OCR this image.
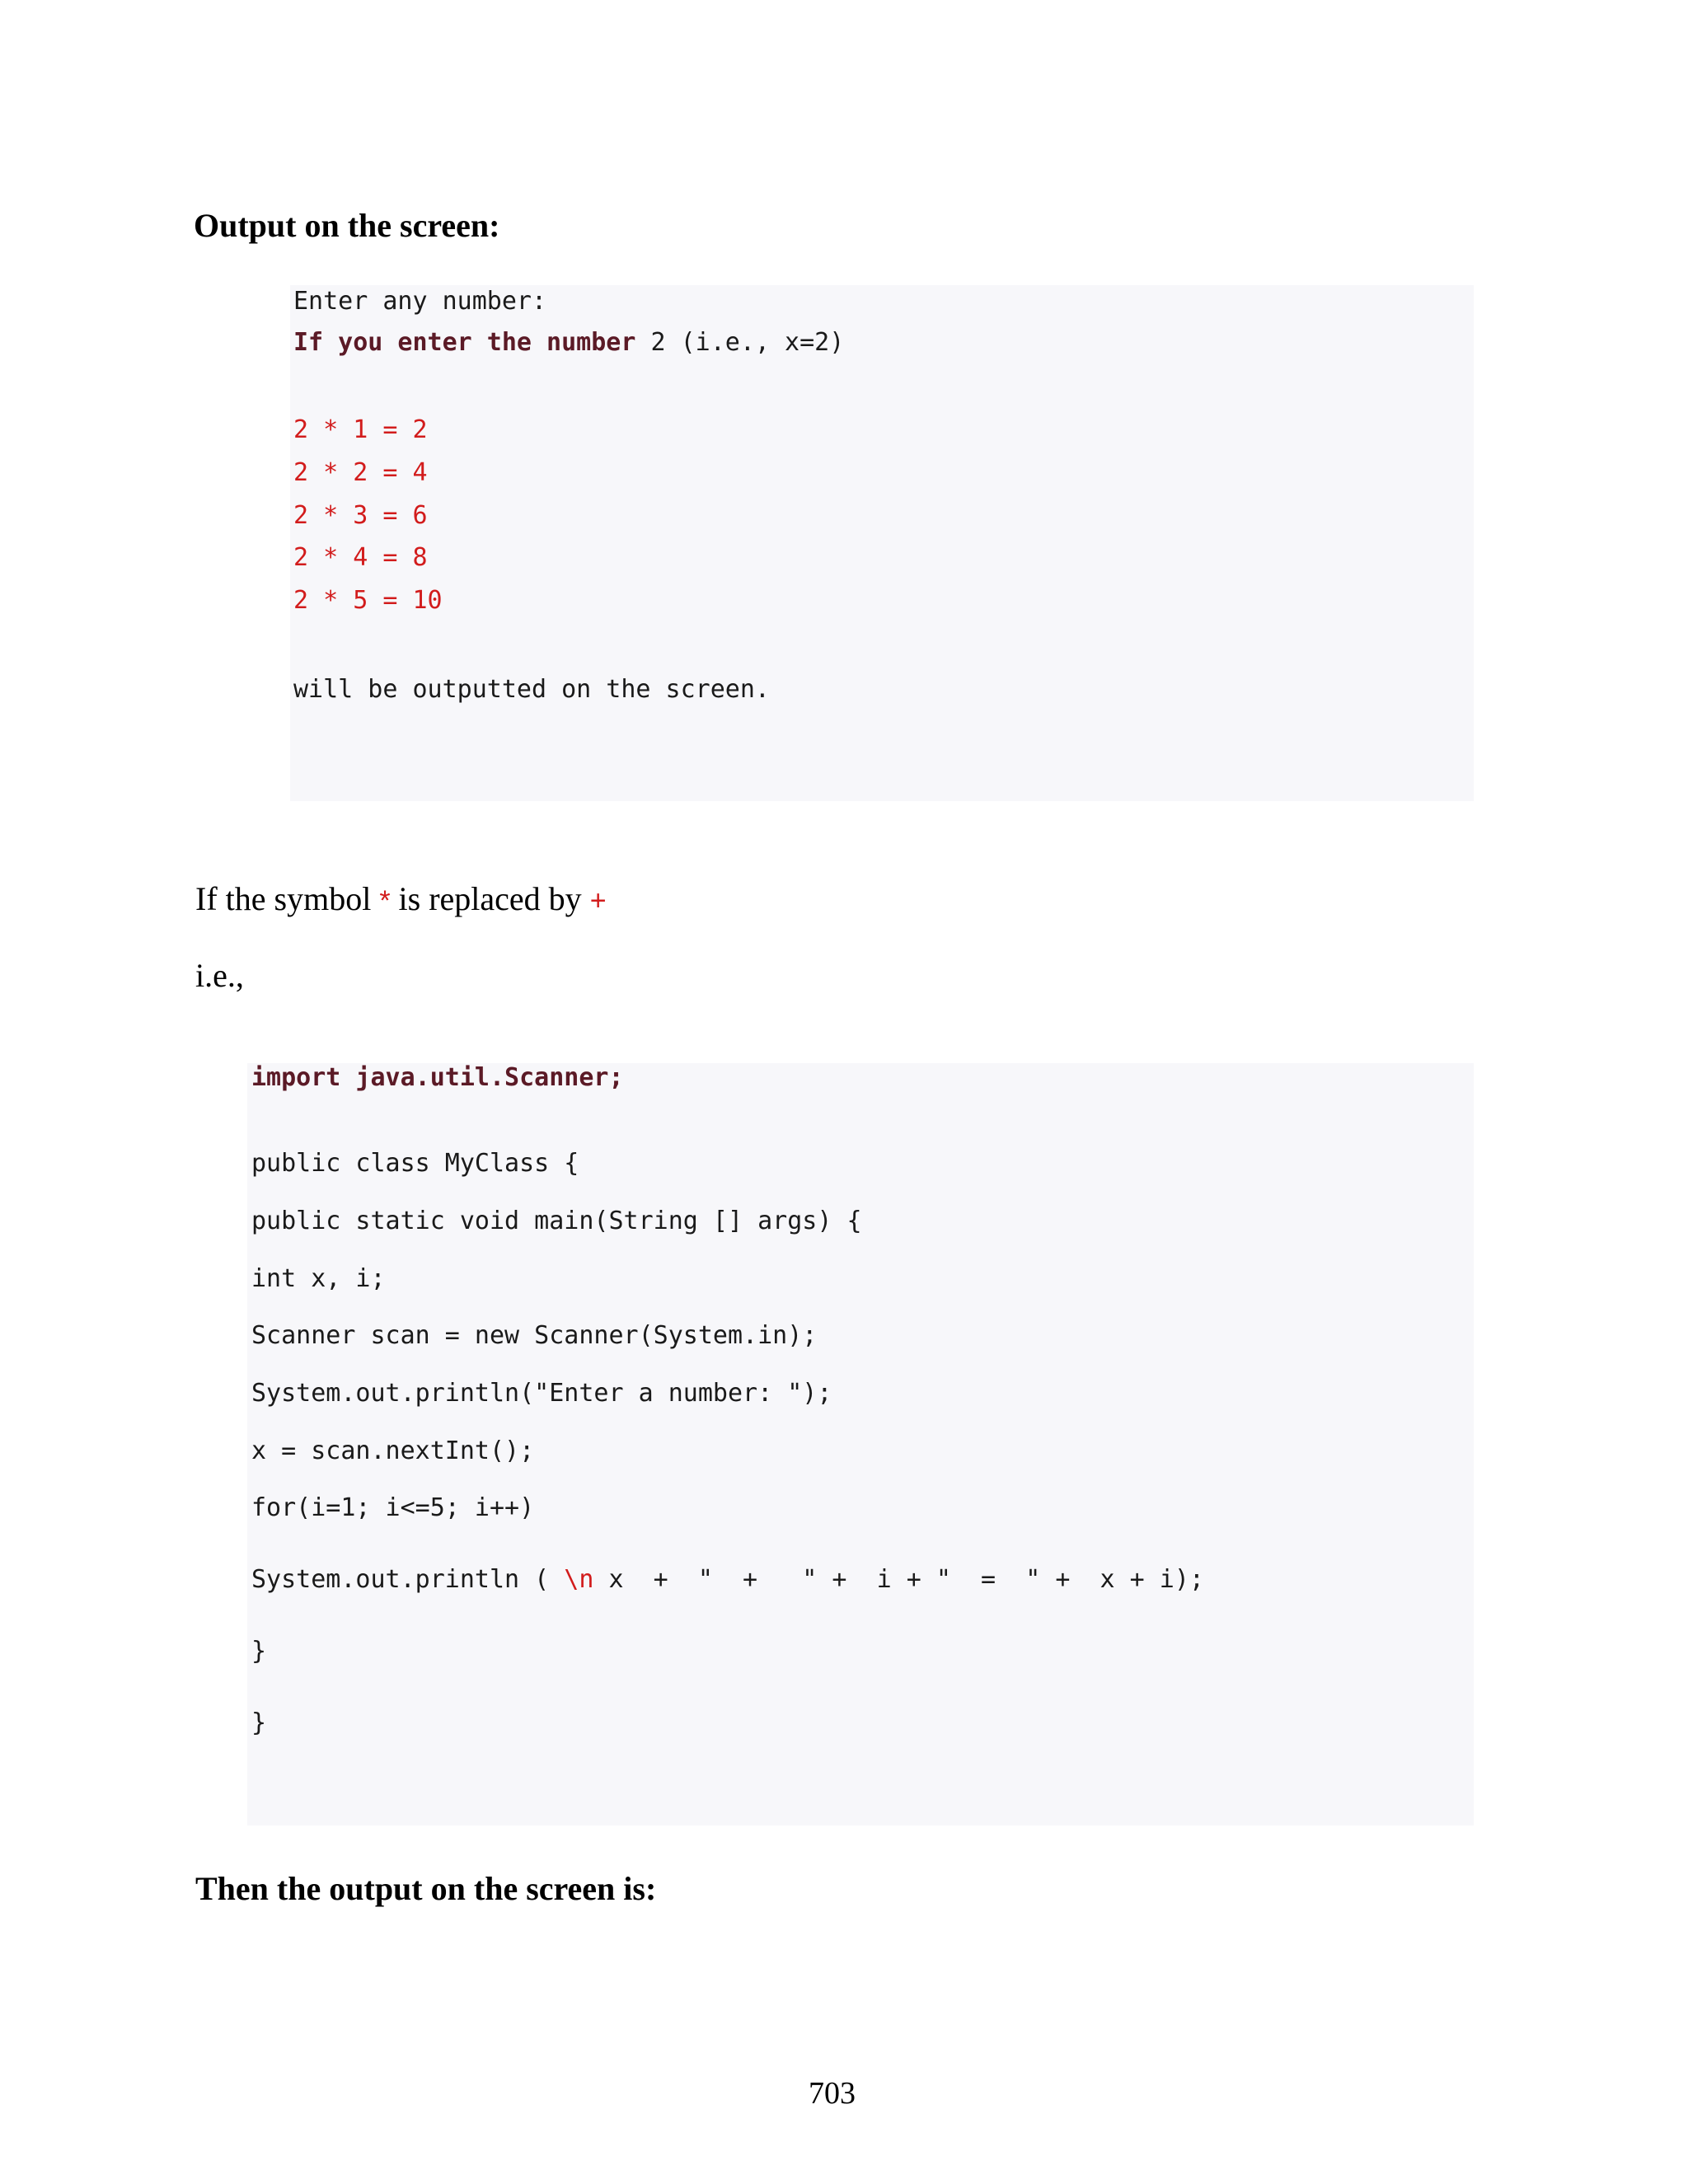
Output on the screen:
Enter any number:
If you enter the number 2 (i.e., x=2)
2 * 1 = 2
2 * 2 = 4
2 * 3 = 6
2 * 4 = 8
2 * 5 = 10
will be outputted on the screen.

If the symbol * is replaced by +

i.e.,

import java.util.Scanner;
public class MyClass {
public static void main(String [] args) {
int x, i;
Scanner scan = new Scanner(System.in);
System.out.println("Enter a number: ");
x = scan.nextInt();
for(i=1; i<=5; i++)
System.out.println ( \n x  +  "  +   " +  i + "  =  " +  x + i);
}
}
Then the output on the screen is:
703
